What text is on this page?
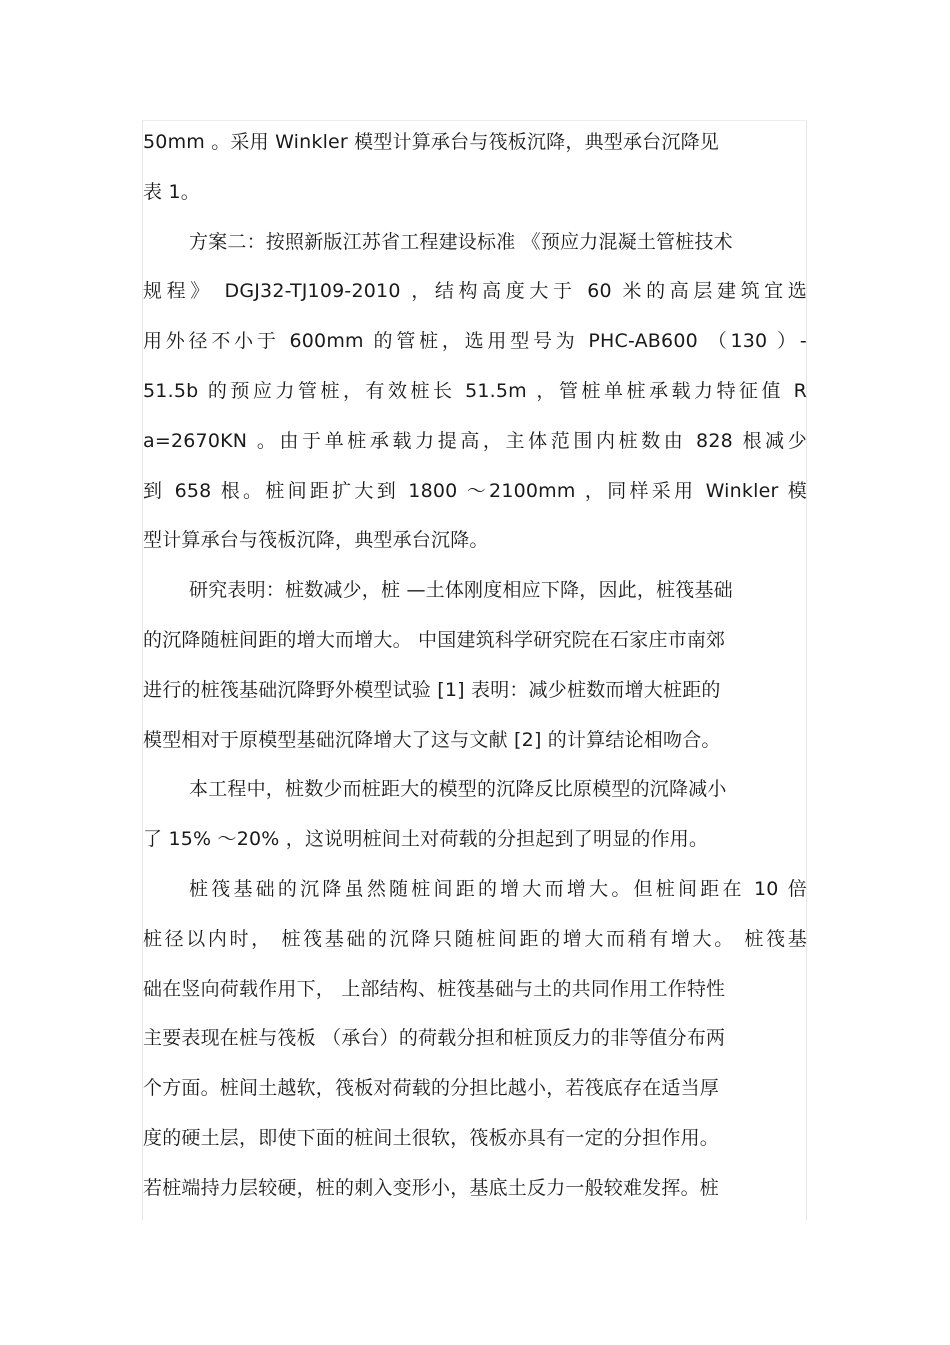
50mm 。采用 Winkler 模型计算承台与筏板沉降，典型承台沉降见
表 1。
方案二：按照新版江苏省工程建设标准 《预应力混凝土管桩技术
规程》 DGJ32-TJ109-2010 ，结构高度大于 60 米的高层建筑宜选
用外径不小于 600mm 的管桩，选用型号为 PHC-AB600 （130 ）-
51.5b 的预应力管桩，有效桩长 51.5m ，管桩单桩承载力特征值 R
a=2670KN 。由于单桩承载力提高，主体范围内桩数由 828 根减少
到 658 根。桩间距扩大到 1800 ～2100mm ，同样采用 Winkler 模
型计算承台与筏板沉降，典型承台沉降。
研究表明：桩数减少，桩 —土体刚度相应下降，因此，桩筏基础
的沉降随桩间距的增大而增大。 中国建筑科学研究院在石家庄市南郊
进行的桩筏基础沉降野外模型试验 [1] 表明：减少桩数而增大桩距的
模型相对于原模型基础沉降增大了这与文献 [2] 的计算结论相吻合。
本工程中，桩数少而桩距大的模型的沉降反比原模型的沉降减小
了 15% ～20% ，这说明桩间土对荷载的分担起到了明显的作用。
桩筏基础的沉降虽然随桩间距的增大而增大。但桩间距在 10 倍
桩径以内时， 桩筏基础的沉降只随桩间距的增大而稍有增大。 桩筏基
础在竖向荷载作用下， 上部结构、桩筏基础与土的共同作用工作特性
主要表现在桩与筏板 （承台）的荷载分担和桩顶反力的非等值分布两
个方面。桩间土越软，筏板对荷载的分担比越小，若筏底存在适当厚
度的硬土层，即使下面的桩间土很软，筏板亦具有一定的分担作用。
若桩端持力层较硬，桩的刺入变形小，基底土反力一般较难发挥。桩
